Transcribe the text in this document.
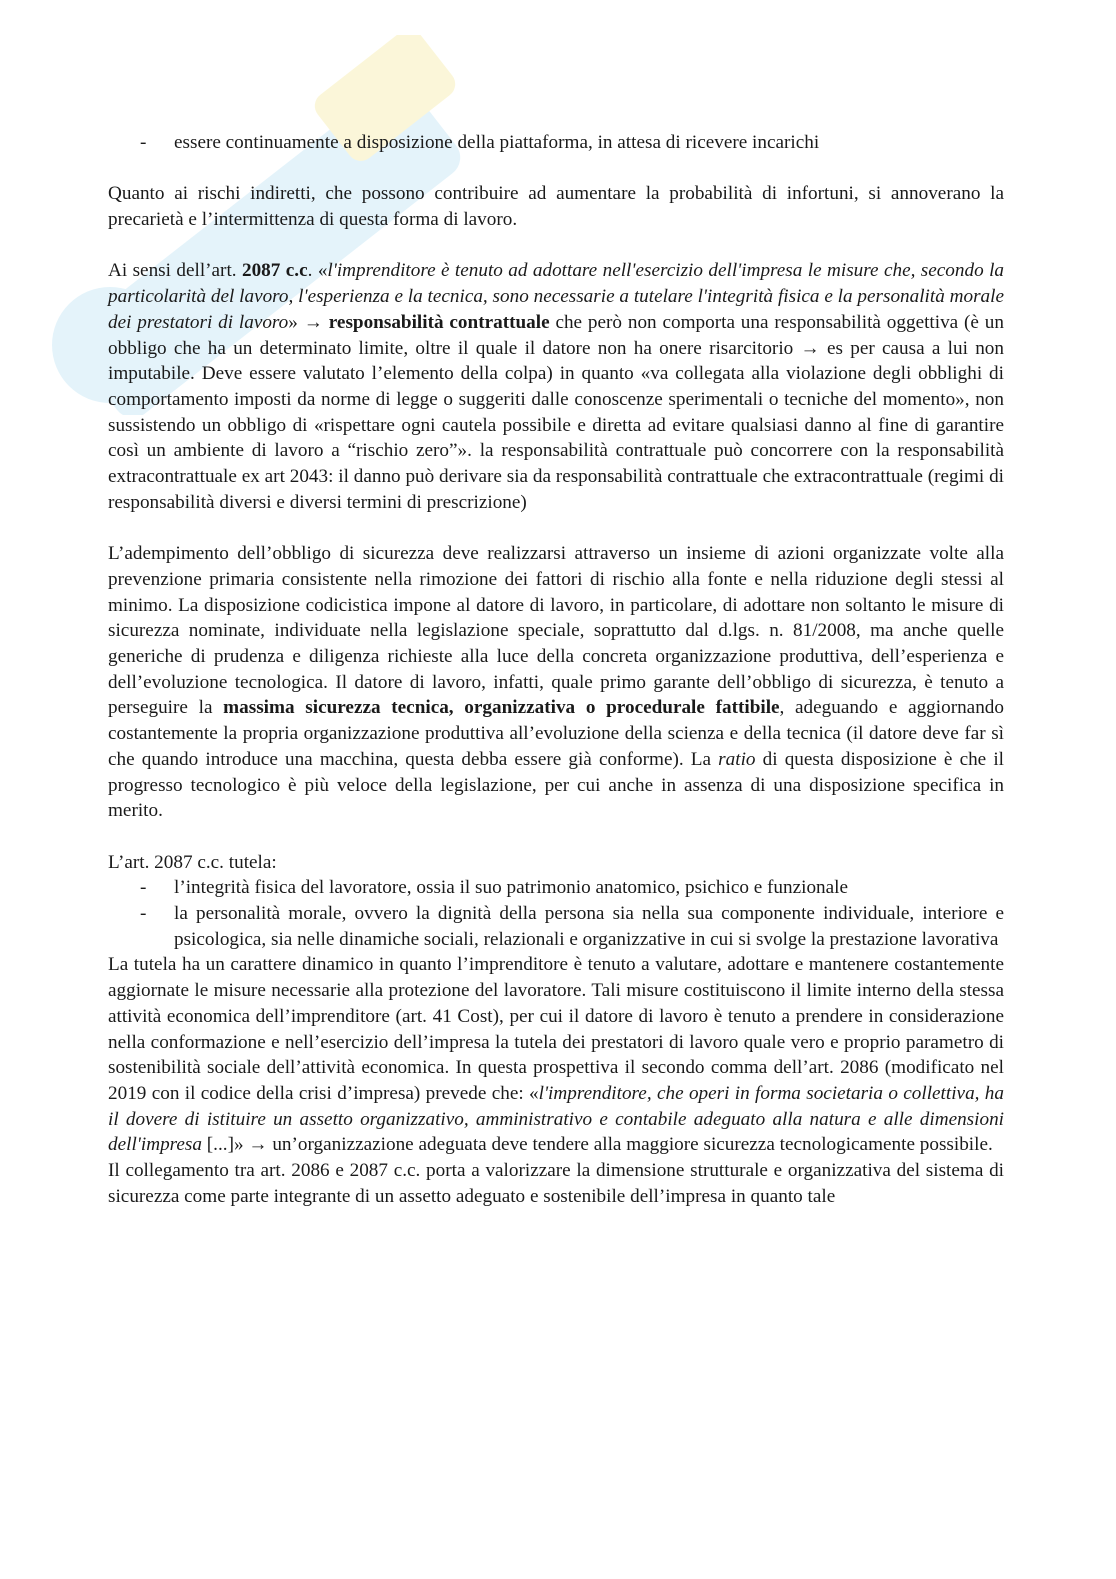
- essere continuamente a disposizione della piattaforma, in attesa di ricevere incarichi

Quanto ai rischi indiretti, che possono contribuire ad aumentare la probabilità di infortuni, si annoverano la precarietà e l’intermittenza di questa forma di lavoro.

Ai sensi dell’art. 2087 c.c. «l'imprenditore è tenuto ad adottare nell'esercizio dell'impresa le misure che, secondo la particolarità del lavoro, l'esperienza e la tecnica, sono necessarie a tutelare l'integrità fisica e la personalità morale dei prestatori di lavoro» → responsabilità contrattuale che però non comporta una responsabilità oggettiva (è un obbligo che ha un determinato limite, oltre il quale il datore non ha onere risarcitorio → es per causa a lui non imputabile. Deve essere valutato l’elemento della colpa) in quanto «va collegata alla violazione degli obblighi di comportamento imposti da norme di legge o suggeriti dalle conoscenze sperimentali o tecniche del momento», non sussistendo un obbligo di «rispettare ogni cautela possibile e diretta ad evitare qualsiasi danno al fine di garantire così un ambiente di lavoro a “rischio zero”». la responsabilità contrattuale può concorrere con la responsabilità extracontrattuale ex art 2043: il danno può derivare sia da responsabilità contrattuale che extracontrattuale (regimi di responsabilità diversi e diversi termini di prescrizione)

L’adempimento dell’obbligo di sicurezza deve realizzarsi attraverso un insieme di azioni organizzate volte alla prevenzione primaria consistente nella rimozione dei fattori di rischio alla fonte e nella riduzione degli stessi al minimo. La disposizione codicistica impone al datore di lavoro, in particolare, di adottare non soltanto le misure di sicurezza nominate, individuate nella legislazione speciale, soprattutto dal d.lgs. n. 81/2008, ma anche quelle generiche di prudenza e diligenza richieste alla luce della concreta organizzazione produttiva, dell’esperienza e dell’evoluzione tecnologica. Il datore di lavoro, infatti, quale primo garante dell’obbligo di sicurezza, è tenuto a perseguire la massima sicurezza tecnica, organizzativa o procedurale fattibile, adeguando e aggiornando costantemente la propria organizzazione produttiva all’evoluzione della scienza e della tecnica (il datore deve far sì che quando introduce una macchina, questa debba essere già conforme). La ratio di questa disposizione è che il progresso tecnologico è più veloce della legislazione, per cui anche in assenza di una disposizione specifica in merito.

L’art. 2087 c.c. tutela:

- l’integrità fisica del lavoratore, ossia il suo patrimonio anatomico, psichico e funzionale
- la personalità morale, ovvero la dignità della persona sia nella sua componente individuale, interiore e psicologica, sia nelle dinamiche sociali, relazionali e organizzative in cui si svolge la prestazione lavorativa

La tutela ha un carattere dinamico in quanto l’imprenditore è tenuto a valutare, adottare e mantenere costantemente aggiornate le misure necessarie alla protezione del lavoratore. Tali misure costituiscono il limite interno della stessa attività economica dell’imprenditore (art. 41 Cost), per cui il datore di lavoro è tenuto a prendere in considerazione nella conformazione e nell’esercizio dell’impresa la tutela dei prestatori di lavoro quale vero e proprio parametro di sostenibilità sociale dell’attività economica. In questa prospettiva il secondo comma dell’art. 2086 (modificato nel 2019 con il codice della crisi d’impresa) prevede che: «l'imprenditore, che operi in forma societaria o collettiva, ha il dovere di istituire un assetto organizzativo, amministrativo e contabile adeguato alla natura e alle dimensioni dell'impresa [...]» → un’organizzazione adeguata deve tendere alla maggiore sicurezza tecnologicamente possibile.

Il collegamento tra art. 2086 e 2087 c.c. porta a valorizzare la dimensione strutturale e organizzativa del sistema di sicurezza come parte integrante di un assetto adeguato e sostenibile dell’impresa in quanto tale
